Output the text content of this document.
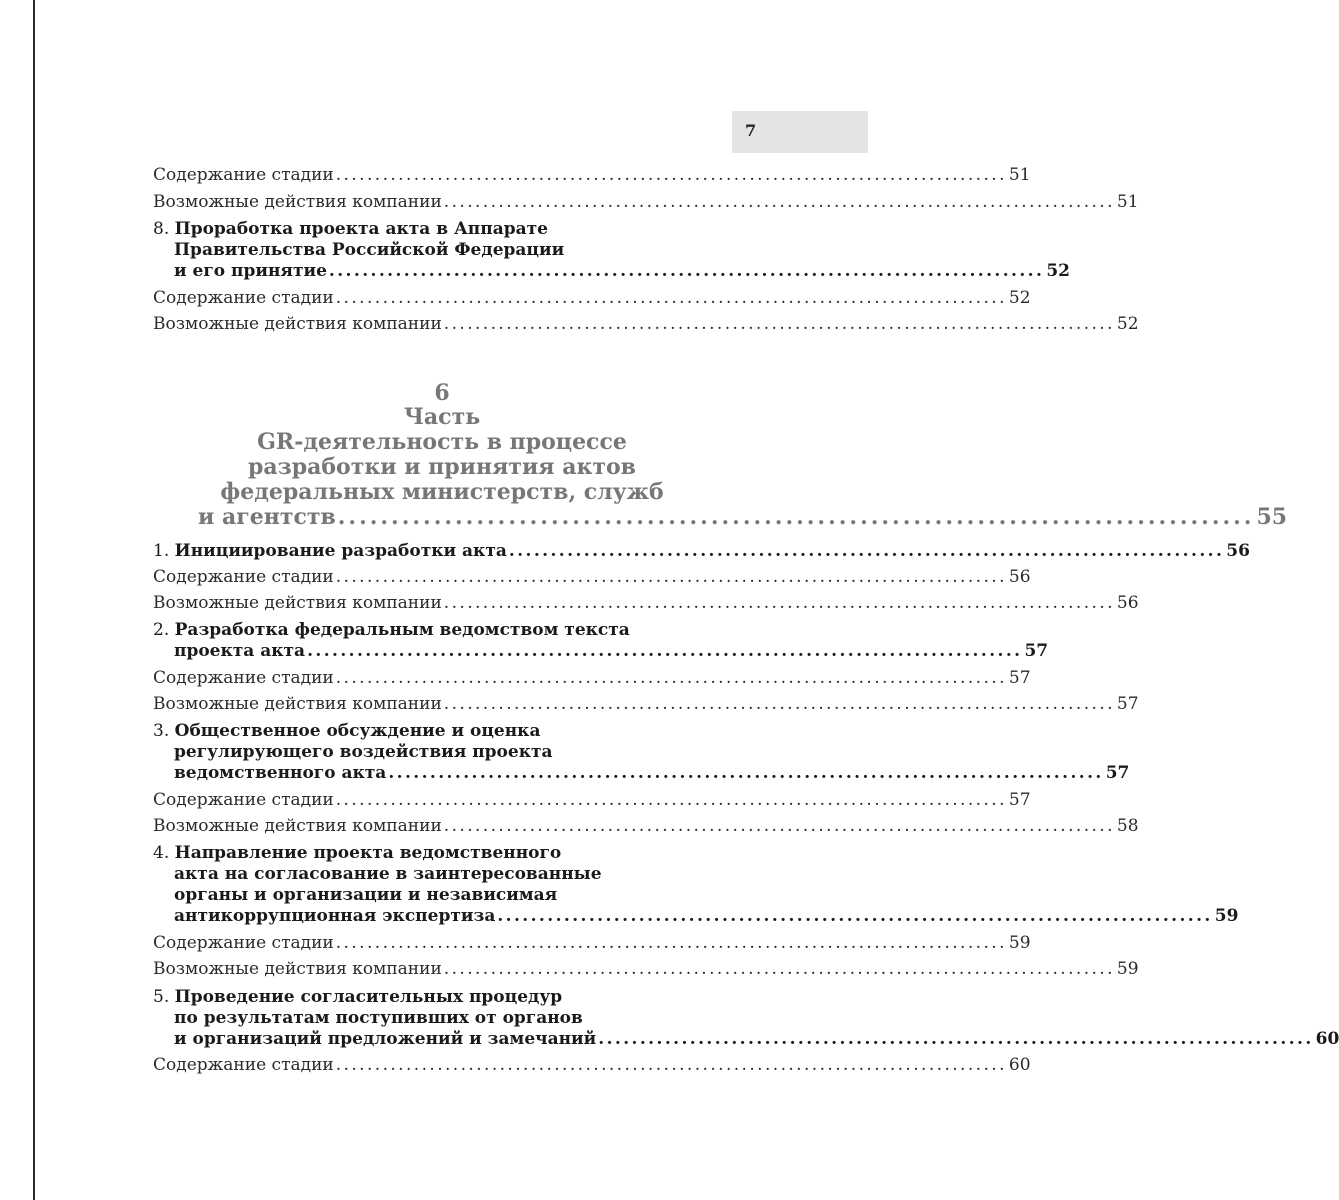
7
Содержание стадии ...................................................................................... 51
Возможные действия компании ...................................................................................... 51
8. Проработка проекта акта в Аппарате
Правительства Российской Федерации
и его принятие ...................................................................................... 52
Содержание стадии ...................................................................................... 52
Возможные действия компании ...................................................................................... 52
6
Часть
GR-деятельность в процессе
разработки и принятия актов
федеральных министерств, служб
и агентств ...................................................................................... 55
1. Инициирование разработки акта ...................................................................................... 56
Содержание стадии ...................................................................................... 56
Возможные действия компании ...................................................................................... 56
2. Разработка федеральным ведомством текста
проекта акта ...................................................................................... 57
Содержание стадии ...................................................................................... 57
Возможные действия компании ...................................................................................... 57
3. Общественное обсуждение и оценка
регулирующего воздействия проекта
ведомственного акта ...................................................................................... 57
Содержание стадии ...................................................................................... 57
Возможные действия компании ...................................................................................... 58
4. Направление проекта ведомственного
акта на согласование в заинтересованные
органы и организации и независимая
антикоррупционная экспертиза ...................................................................................... 59
Содержание стадии ...................................................................................... 59
Возможные действия компании ...................................................................................... 59
5. Проведение согласительных процедур
по результатам поступивших от органов
и организаций предложений и замечаний ...................................................................................... 60
Содержание стадии ...................................................................................... 60
